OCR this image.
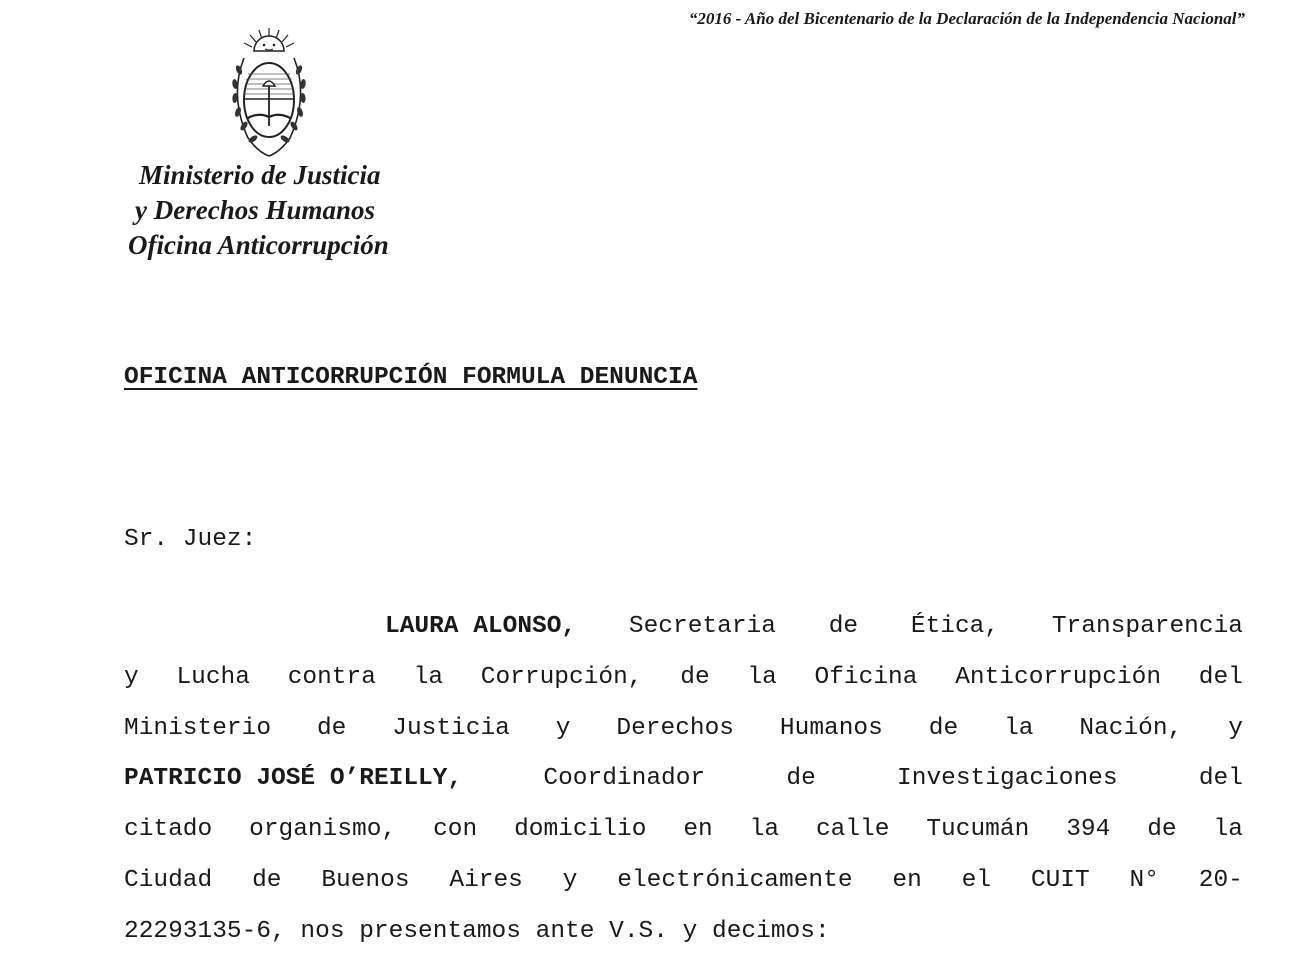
“2016 - Año del Bicentenario de la Declaración de la Independencia Nacional”
Ministerio de Justicia
y Derechos Humanos
Oficina Anticorrupción
OFICINA ANTICORRUPCIÓN FORMULA DENUNCIA
Sr. Juez:
LAURA ALONSO, Secretaria de Ética, Transparencia
y Lucha contra la Corrupción, de la Oficina Anticorrupción del
Ministerio de Justicia y Derechos Humanos de la Nación, y
PATRICIO JOSÉ O’REILLY,	Coordinador	de	Investigaciones	del
citado organismo, con domicilio en la calle Tucumán 394 de la
Ciudad de Buenos Aires y electrónicamente en el CUIT N° 20-
22293135-6, nos presentamos ante V.S. y decimos:
